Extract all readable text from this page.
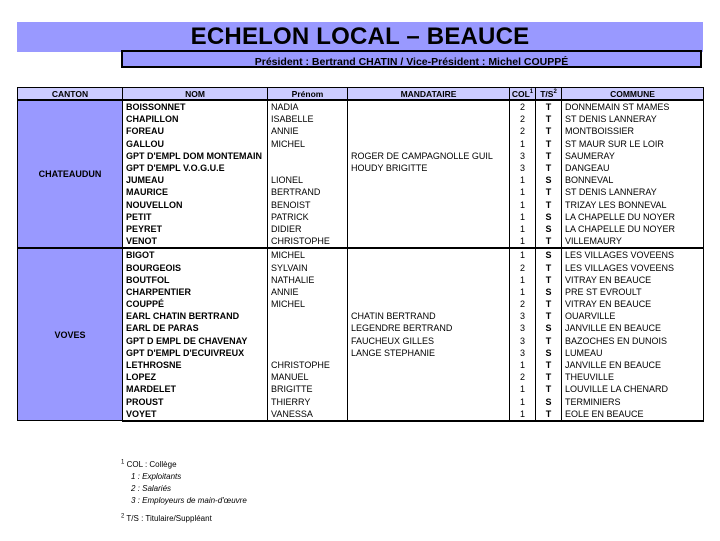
ECHELON LOCAL – BEAUCE
Président : Bertrand CHATIN / Vice-Président : Michel COUPPÉ
CANTON	NOM	Prénom	MANDATAIRE	COL$^1$	$T/S^2$	COMMUNE
CHATEAUDUN	BOISSONNET	NADIA		2	T	DONNEMAIN ST MAMES
	CHAPILLON	ISABELLE		2	T	ST DENIS LANNERAY
	FOREAU	ANNIE		2	T	MONTBOISSIER
	GALLOU	MICHEL		1	T	ST MAUR SUR LE LOIR
	GPT D'EMPL DOM MONTEMAIN		ROGER DE CAMPAGNOLLE GUIL	3	T	SAUMERAY
	GPT D'EMPL V.O.G.U.E		HOUDY BRIGITTE	3	T	DANGEAU
	JUMEAU	LIONEL		1	S	BONNEVAL
	MAURICE	BERTRAND		1	T	ST DENIS LANNERAY
	NOUVELLON	BENOIST		1	T	TRIZAY LES BONNEVAL
	PETIT	PATRICK		1	S	LA CHAPELLE DU NOYER
	PEYRET	DIDIER		1	S	LA CHAPELLE DU NOYER
	VENOT	CHRISTOPHE		1	T	VILLEMAURY
VOVES	BIGOT	MICHEL		1	S	LES VILLAGES VOVEENS
	BOURGEOIS	SYLVAIN		2	T	LES VILLAGES VOVEENS
	BOUTFOL	NATHALIE		1	T	VITRAY EN BEAUCE
	CHARPENTIER	ANNIE		1	S	PRE ST EVROULT
	COUPPÉ	MICHEL		2	T	VITRAY EN BEAUCE
	EARL CHATIN BERTRAND		CHATIN BERTRAND	3	T	OUARVILLE
	EARL DE PARAS		LEGENDRE BERTRAND	3	S	JANVILLE EN BEAUCE
	GPT D EMPL DE CHAVENAY		FAUCHEUX GILLES	3	T	BAZOCHES EN DUNOIS
	GPT D'EMPL D'ECUIVREUX		LANGE STEPHANIE	3	S	LUMEAU
	LETHROSNE	CHRISTOPHE		1	T	JANVILLE EN BEAUCE
	LOPEZ	MANUEL		2	T	THEUVILLE
	MARDELET	BRIGITTE		1	T	LOUVILLE LA CHENARD
	PROUST	THIERRY		1	S	TERMINIERS
	VOYET	VANESSA		1	T	EOLE EN BEAUCE
$^1$ COL : Collège
1 : Exploitants
2 : Salariés
3 : Employeurs de main-d'œuvre
$^2$ T/S : Titulaire/Suppléant
